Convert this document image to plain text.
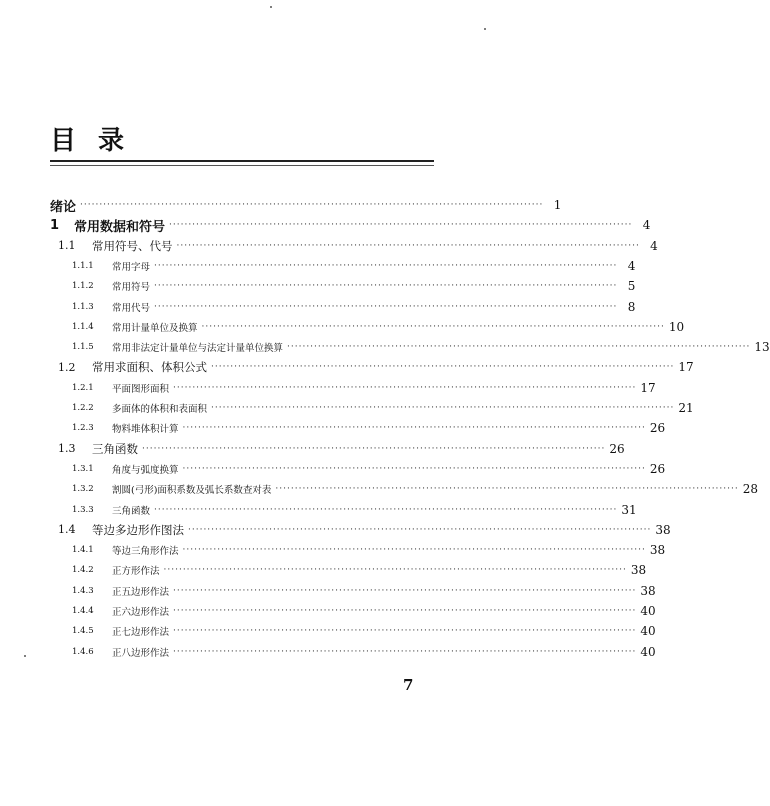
目录
绪论 ························································································································ 1
1	常用数据和符号 ························································································································ 4
1.1	常用符号、代号 ························································································································ 4
1.1.1	常用字母 ························································································································ 4
1.1.2	常用符号 ························································································································ 5
1.1.3	常用代号 ························································································································ 8
1.1.4	常用计量单位及换算 ························································································································ 10
1.1.5	常用非法定计量单位与法定计量单位换算 ························································································································ 13
1.2	常用求面积、体积公式 ························································································································ 17
1.2.1	平面图形面积 ························································································································ 17
1.2.2	多面体的体积和表面积 ························································································································ 21
1.2.3	物料堆体积计算 ························································································································ 26
1.3	三角函数 ························································································································ 26
1.3.1	角度与弧度换算 ························································································································ 26
1.3.2	割圆(弓形)面积系数及弧长系数查对表 ························································································································ 28
1.3.3	三角函数 ························································································································ 31
1.4	等边多边形作图法 ························································································································ 38
1.4.1	等边三角形作法 ························································································································ 38
1.4.2	正方形作法 ························································································································ 38
1.4.3	正五边形作法 ························································································································ 38
1.4.4	正六边形作法 ························································································································ 40
1.4.5	正七边形作法 ························································································································ 40
1.4.6	正八边形作法 ························································································································ 40
7
